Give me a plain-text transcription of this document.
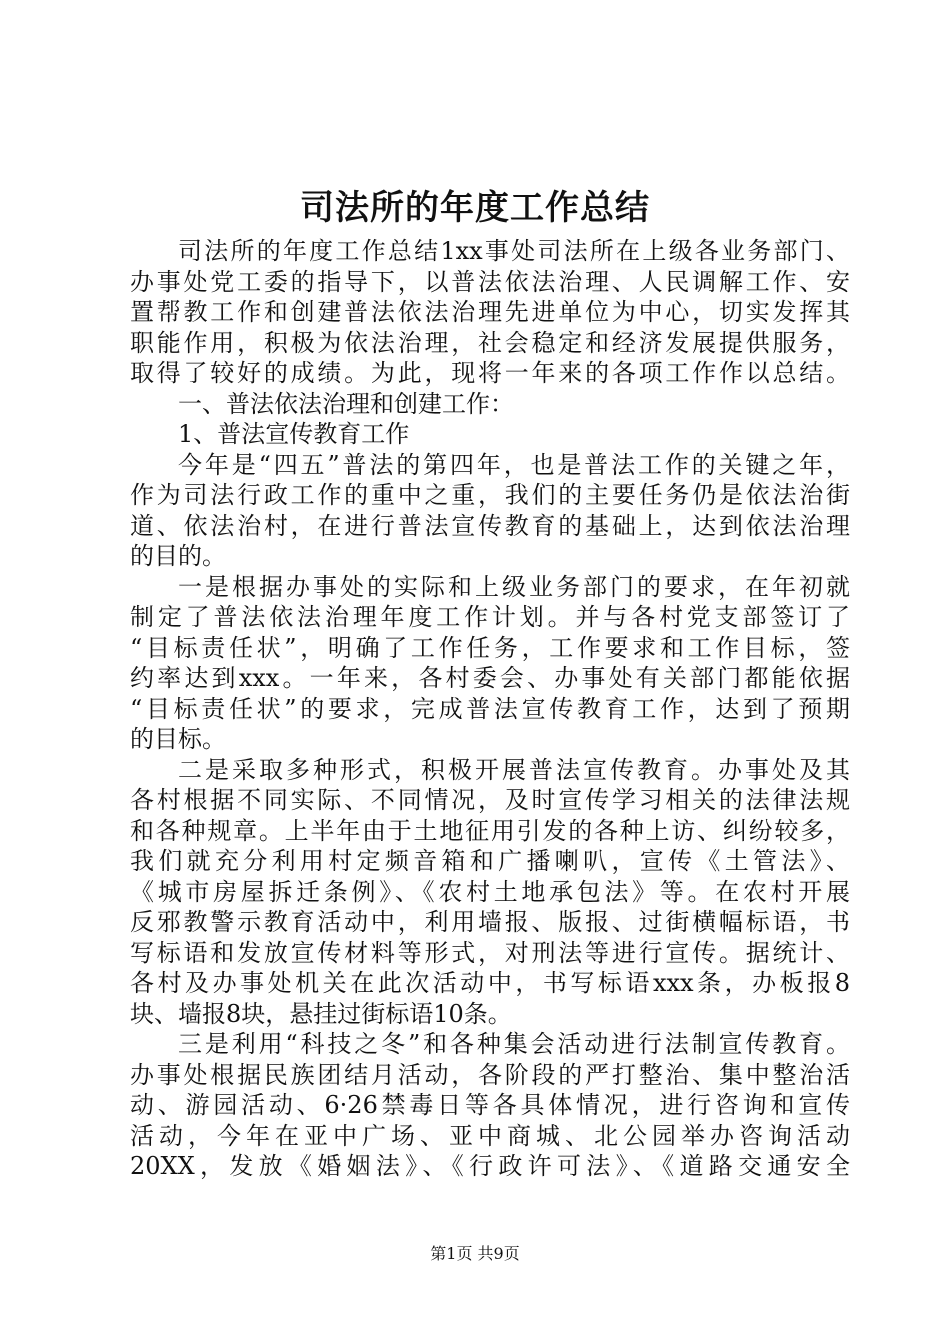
司法所的年度工作总结
司法所的年度工作总结1xx事处司法所在上级各业务部门、
办事处党工委的指导下，以普法依法治理、人民调解工作、安
置帮教工作和创建普法依法治理先进单位为中心，切实发挥其
职能作用，积极为依法治理，社会稳定和经济发展提供服务，
取得了较好的成绩。为此，现将一年来的各项工作作以总结。
一、普法依法治理和创建工作：
1、普法宣传教育工作
今年是“四五”普法的第四年，也是普法工作的关键之年，
作为司法行政工作的重中之重，我们的主要任务仍是依法治街
道、依法治村，在进行普法宣传教育的基础上，达到依法治理
的目的。
一是根据办事处的实际和上级业务部门的要求，在年初就
制定了普法依法治理年度工作计划。并与各村党支部签订了
“目标责任状”，明确了工作任务，工作要求和工作目标，签
约率达到xxx。一年来，各村委会、办事处有关部门都能依据
“目标责任状”的要求，完成普法宣传教育工作，达到了预期
的目标。
二是采取多种形式，积极开展普法宣传教育。办事处及其
各村根据不同实际、不同情况，及时宣传学习相关的法律法规
和各种规章。上半年由于土地征用引发的各种上访、纠纷较多，
我们就充分利用村定频音箱和广播喇叭，宣传《土管法》、
《城市房屋拆迁条例》、《农村土地承包法》等。在农村开展
反邪教警示教育活动中，利用墙报、版报、过街横幅标语，书
写标语和发放宣传材料等形式，对刑法等进行宣传。据统计、
各村及办事处机关在此次活动中，书写标语xxx条，办板报8
块、墙报8块，悬挂过街标语10条。
三是利用“科技之冬”和各种集会活动进行法制宣传教育。
办事处根据民族团结月活动，各阶段的严打整治、集中整治活
动、游园活动、6·26禁毒日等各具体情况，进行咨询和宣传
活动，今年在亚中广场、亚中商城、北公园举办咨询活动
20XX，发放《婚姻法》、《行政许可法》、《道路交通安全
第1页 共9页
